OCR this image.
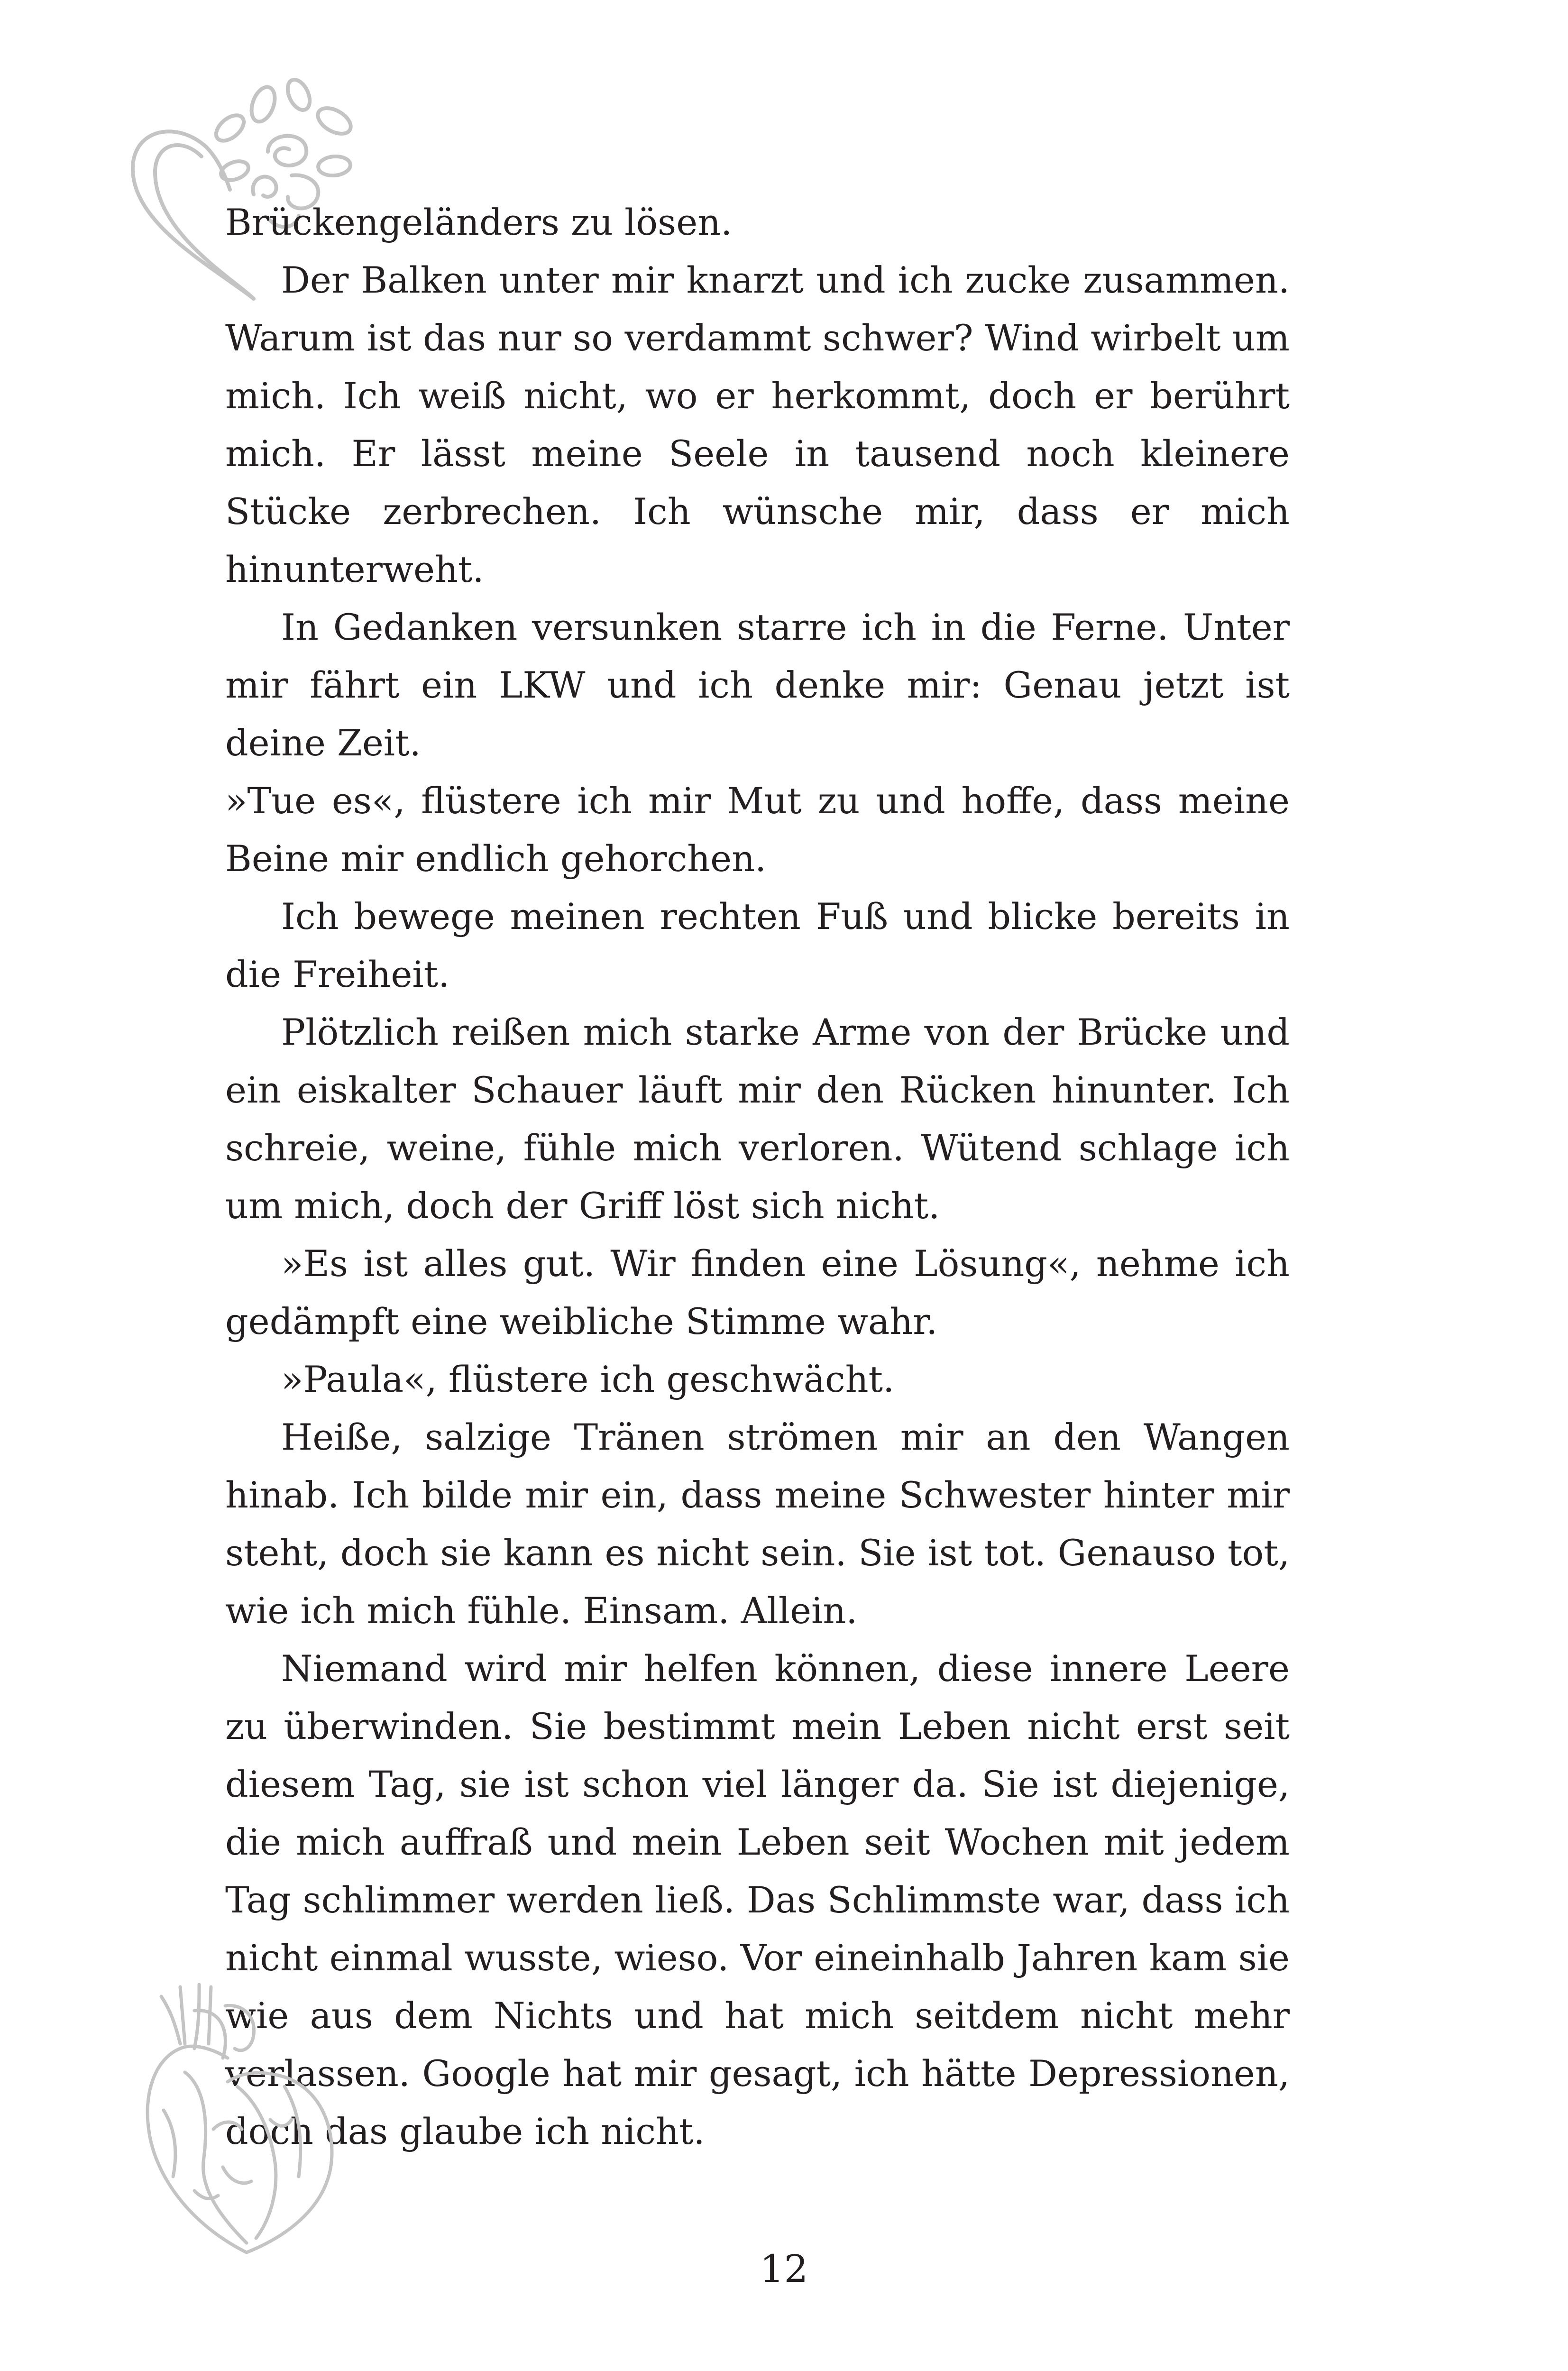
Brückengeländers zu lösen.

Der Balken unter mir knarzt und ich zucke zusammen. Warum ist das nur so verdammt schwer? Wind wirbelt um mich. Ich weiß nicht, wo er herkommt, doch er berührt mich. Er lässt meine Seele in tausend noch kleinere Stücke zerbrechen. Ich wünsche mir, dass er mich hinunterweht.

In Gedanken versunken starre ich in die Ferne. Unter mir fährt ein LKW und ich denke mir: Genau jetzt ist deine Zeit.

»Tue es«, flüstere ich mir Mut zu und hoffe, dass meine Beine mir endlich gehorchen.

Ich bewege meinen rechten Fuß und blicke bereits in die Freiheit.

Plötzlich reißen mich starke Arme von der Brücke und ein eiskalter Schauer läuft mir den Rücken hinunter. Ich schreie, weine, fühle mich verloren. Wütend schlage ich um mich, doch der Griff löst sich nicht.

»Es ist alles gut. Wir finden eine Lösung«, nehme ich gedämpft eine weibliche Stimme wahr.

»Paula«, flüstere ich geschwächt.

Heiße, salzige Tränen strömen mir an den Wangen hinab. Ich bilde mir ein, dass meine Schwester hinter mir steht, doch sie kann es nicht sein. Sie ist tot. Genauso tot, wie ich mich fühle. Einsam. Allein.

Niemand wird mir helfen können, diese innere Leere zu überwinden. Sie bestimmt mein Leben nicht erst seit diesem Tag, sie ist schon viel länger da. Sie ist diejenige, die mich auffraß und mein Leben seit Wochen mit jedem Tag schlimmer werden ließ. Das Schlimmste war, dass ich nicht einmal wusste, wieso. Vor eineinhalb Jahren kam sie wie aus dem Nichts und hat mich seitdem nicht mehr verlassen. Google hat mir gesagt, ich hätte Depressionen, doch das glaube ich nicht.

12
